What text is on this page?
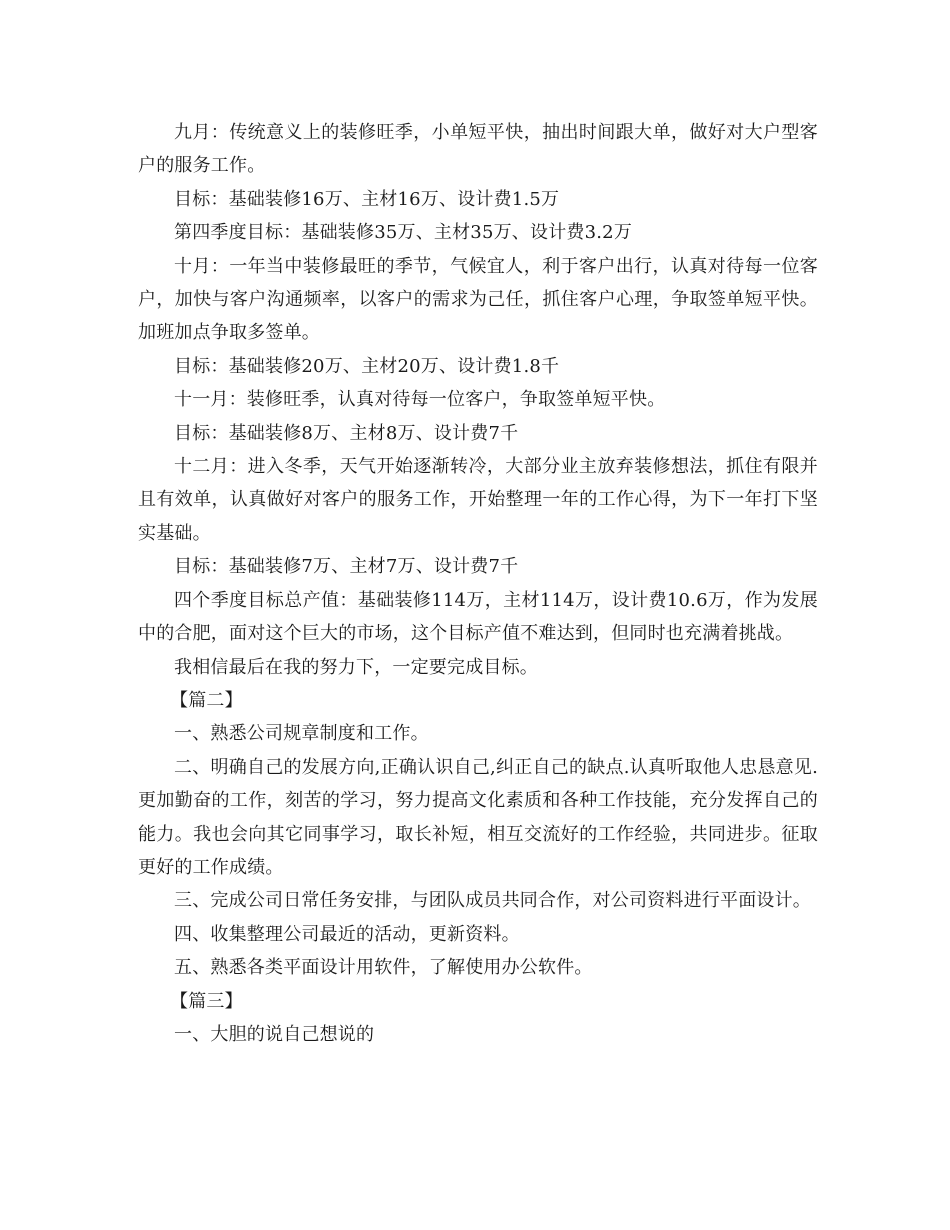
九月：传统意义上的装修旺季，小单短平快，抽出时间跟大单，做好对大户型客户的服务工作。

目标：基础装修16万、主材16万、设计费1.5万

第四季度目标：基础装修35万、主材35万、设计费3.2万

十月：一年当中装修最旺的季节，气候宜人，利于客户出行，认真对待每一位客户，加快与客户沟通频率，以客户的需求为己任，抓住客户心理，争取签单短平快。加班加点争取多签单。

目标：基础装修20万、主材20万、设计费1.8千

十一月：装修旺季，认真对待每一位客户，争取签单短平快。

目标：基础装修8万、主材8万、设计费7千

十二月：进入冬季，天气开始逐渐转冷，大部分业主放弃装修想法，抓住有限并且有效单，认真做好对客户的服务工作，开始整理一年的工作心得，为下一年打下坚实基础。

目标：基础装修7万、主材7万、设计费7千

四个季度目标总产值：基础装修114万，主材114万，设计费10.6万，作为发展中的合肥，面对这个巨大的市场，这个目标产值不难达到，但同时也充满着挑战。

我相信最后在我的努力下，一定要完成目标。

【篇二】

一、熟悉公司规章制度和工作。

二、明确自己的发展方向,正确认识自己,纠正自己的缺点.认真听取他人忠恳意见.更加勤奋的工作，刻苦的学习，努力提高文化素质和各种工作技能，充分发挥自己的能力。我也会向其它同事学习，取长补短，相互交流好的工作经验，共同进步。征取更好的工作成绩。

三、完成公司日常任务安排，与团队成员共同合作，对公司资料进行平面设计。

四、收集整理公司最近的活动，更新资料。

五、熟悉各类平面设计用软件，了解使用办公软件。

【篇三】

一、大胆的说自己想说的
